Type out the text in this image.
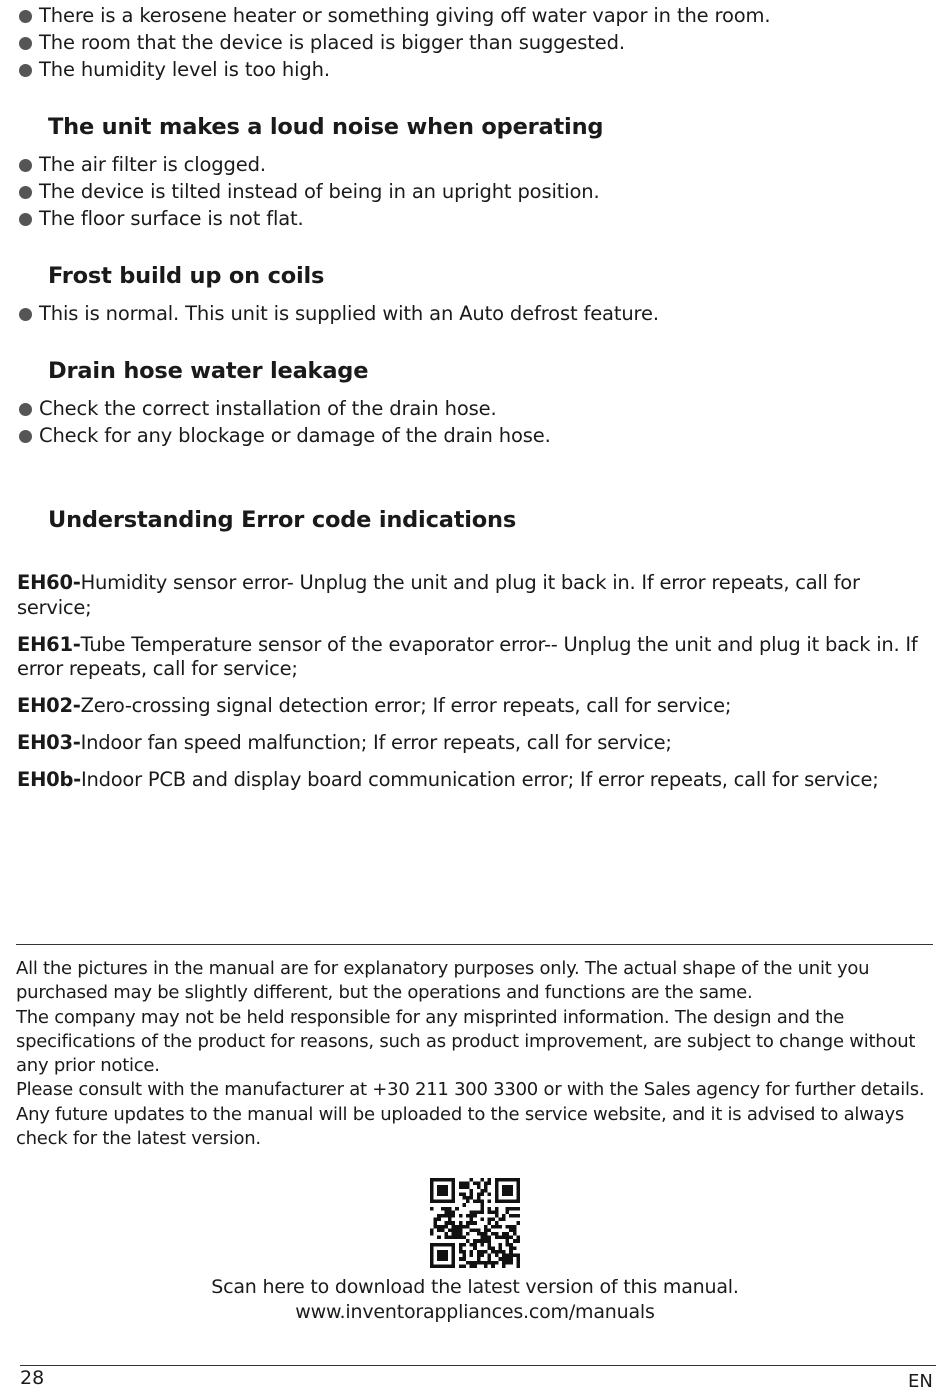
There is a kerosene heater or something giving off water vapor in the room.
The room that the device is placed is bigger than suggested.
The humidity level is too high.
The unit makes a loud noise when operating
The air filter is clogged.
The device is tilted instead of being in an upright position.
The floor surface is not flat.
Frost build up on coils
This is normal. This unit is supplied with an Auto defrost feature.
Drain hose water leakage
Check the correct installation of the drain hose.
Check for any blockage or damage of the drain hose.
Understanding Error code indications

EH60-Humidity sensor error- Unplug the unit and plug it back in. If error repeats, call for service;

EH61-Tube Temperature sensor of the evaporator error-- Unplug the unit and plug it back in. If error repeats, call for service;

EH02-Zero-crossing signal detection error; If error repeats, call for service;

EH03-Indoor fan speed malfunction; If error repeats, call for service;

EH0b-Indoor PCB and display board communication error; If error repeats, call for service;

All the pictures in the manual are for explanatory purposes only. The actual shape of the unit you purchased may be slightly different, but the operations and functions are the same.

The company may not be held responsible for any misprinted information. The design and the specifications of the product for reasons, such as product improvement, are subject to change without any prior notice.

Please consult with the manufacturer at +30 211 300 3300 or with the Sales agency for further details. Any future updates to the manual will be uploaded to the service website, and it is advised to always check for the latest version.

Scan here to download the latest version of this manual.
www.inventorappliances.com/manuals
28	EN
